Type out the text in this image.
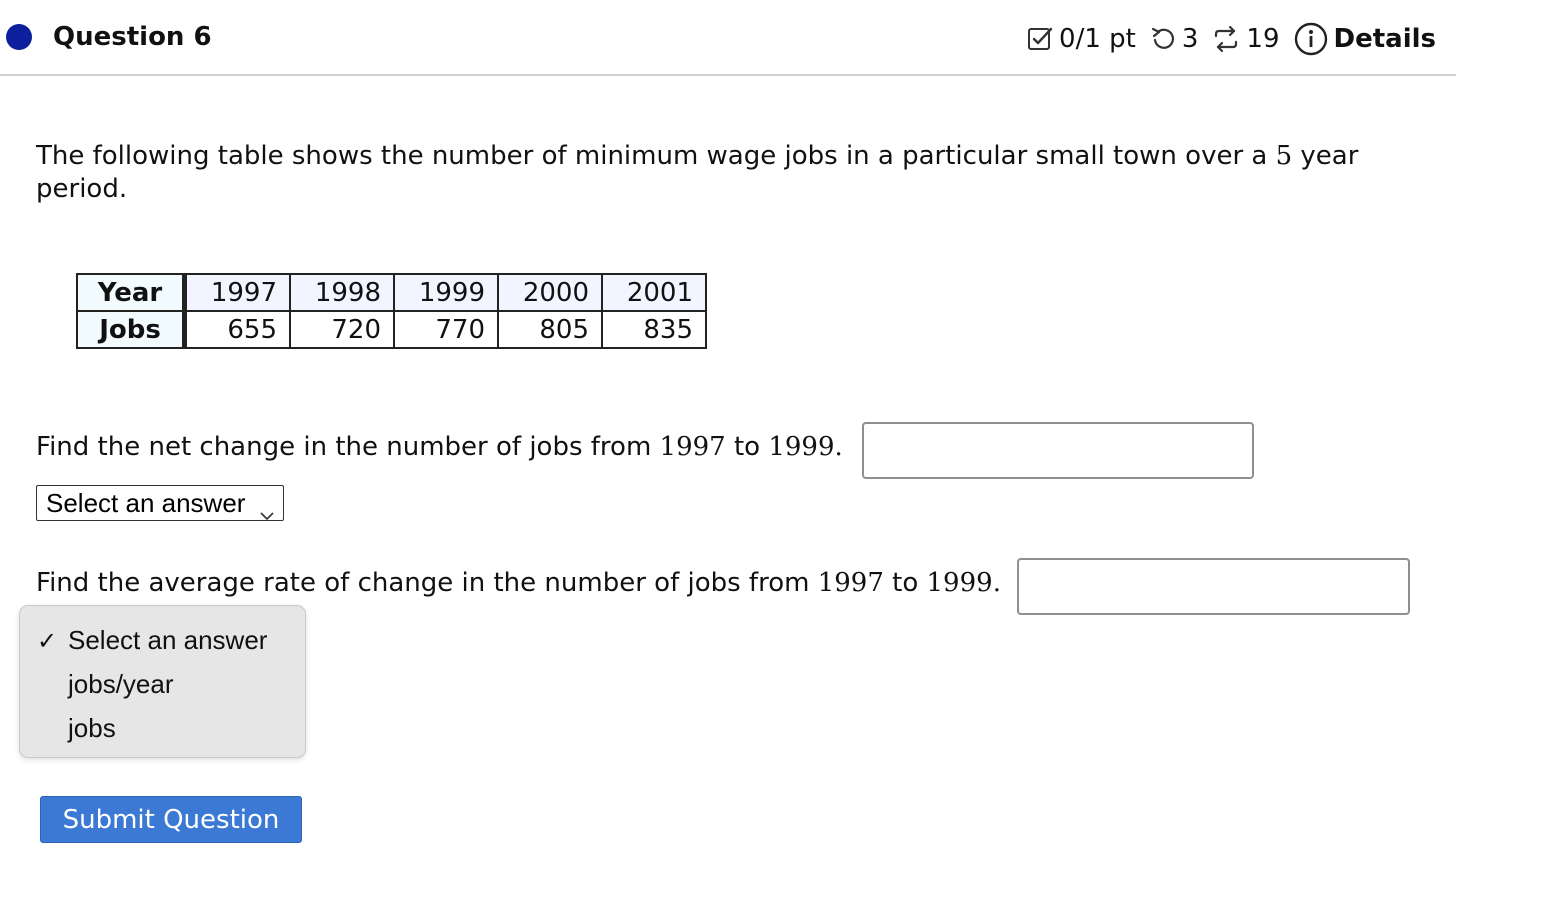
Question 6	0/1 pt 3 19 Details
The following table shows the number of minimum wage jobs in a particular small town over a 5 year period.
Year	1997	1998	1999	2000	2001
Jobs	655	720	770	805	835
Find the net change in the number of jobs from 1997 to 1999.
Select an answer
Find the average rate of change in the number of jobs from 1997 to 1999.
✓ Select an answer
jobs/year
jobs
Submit Question
